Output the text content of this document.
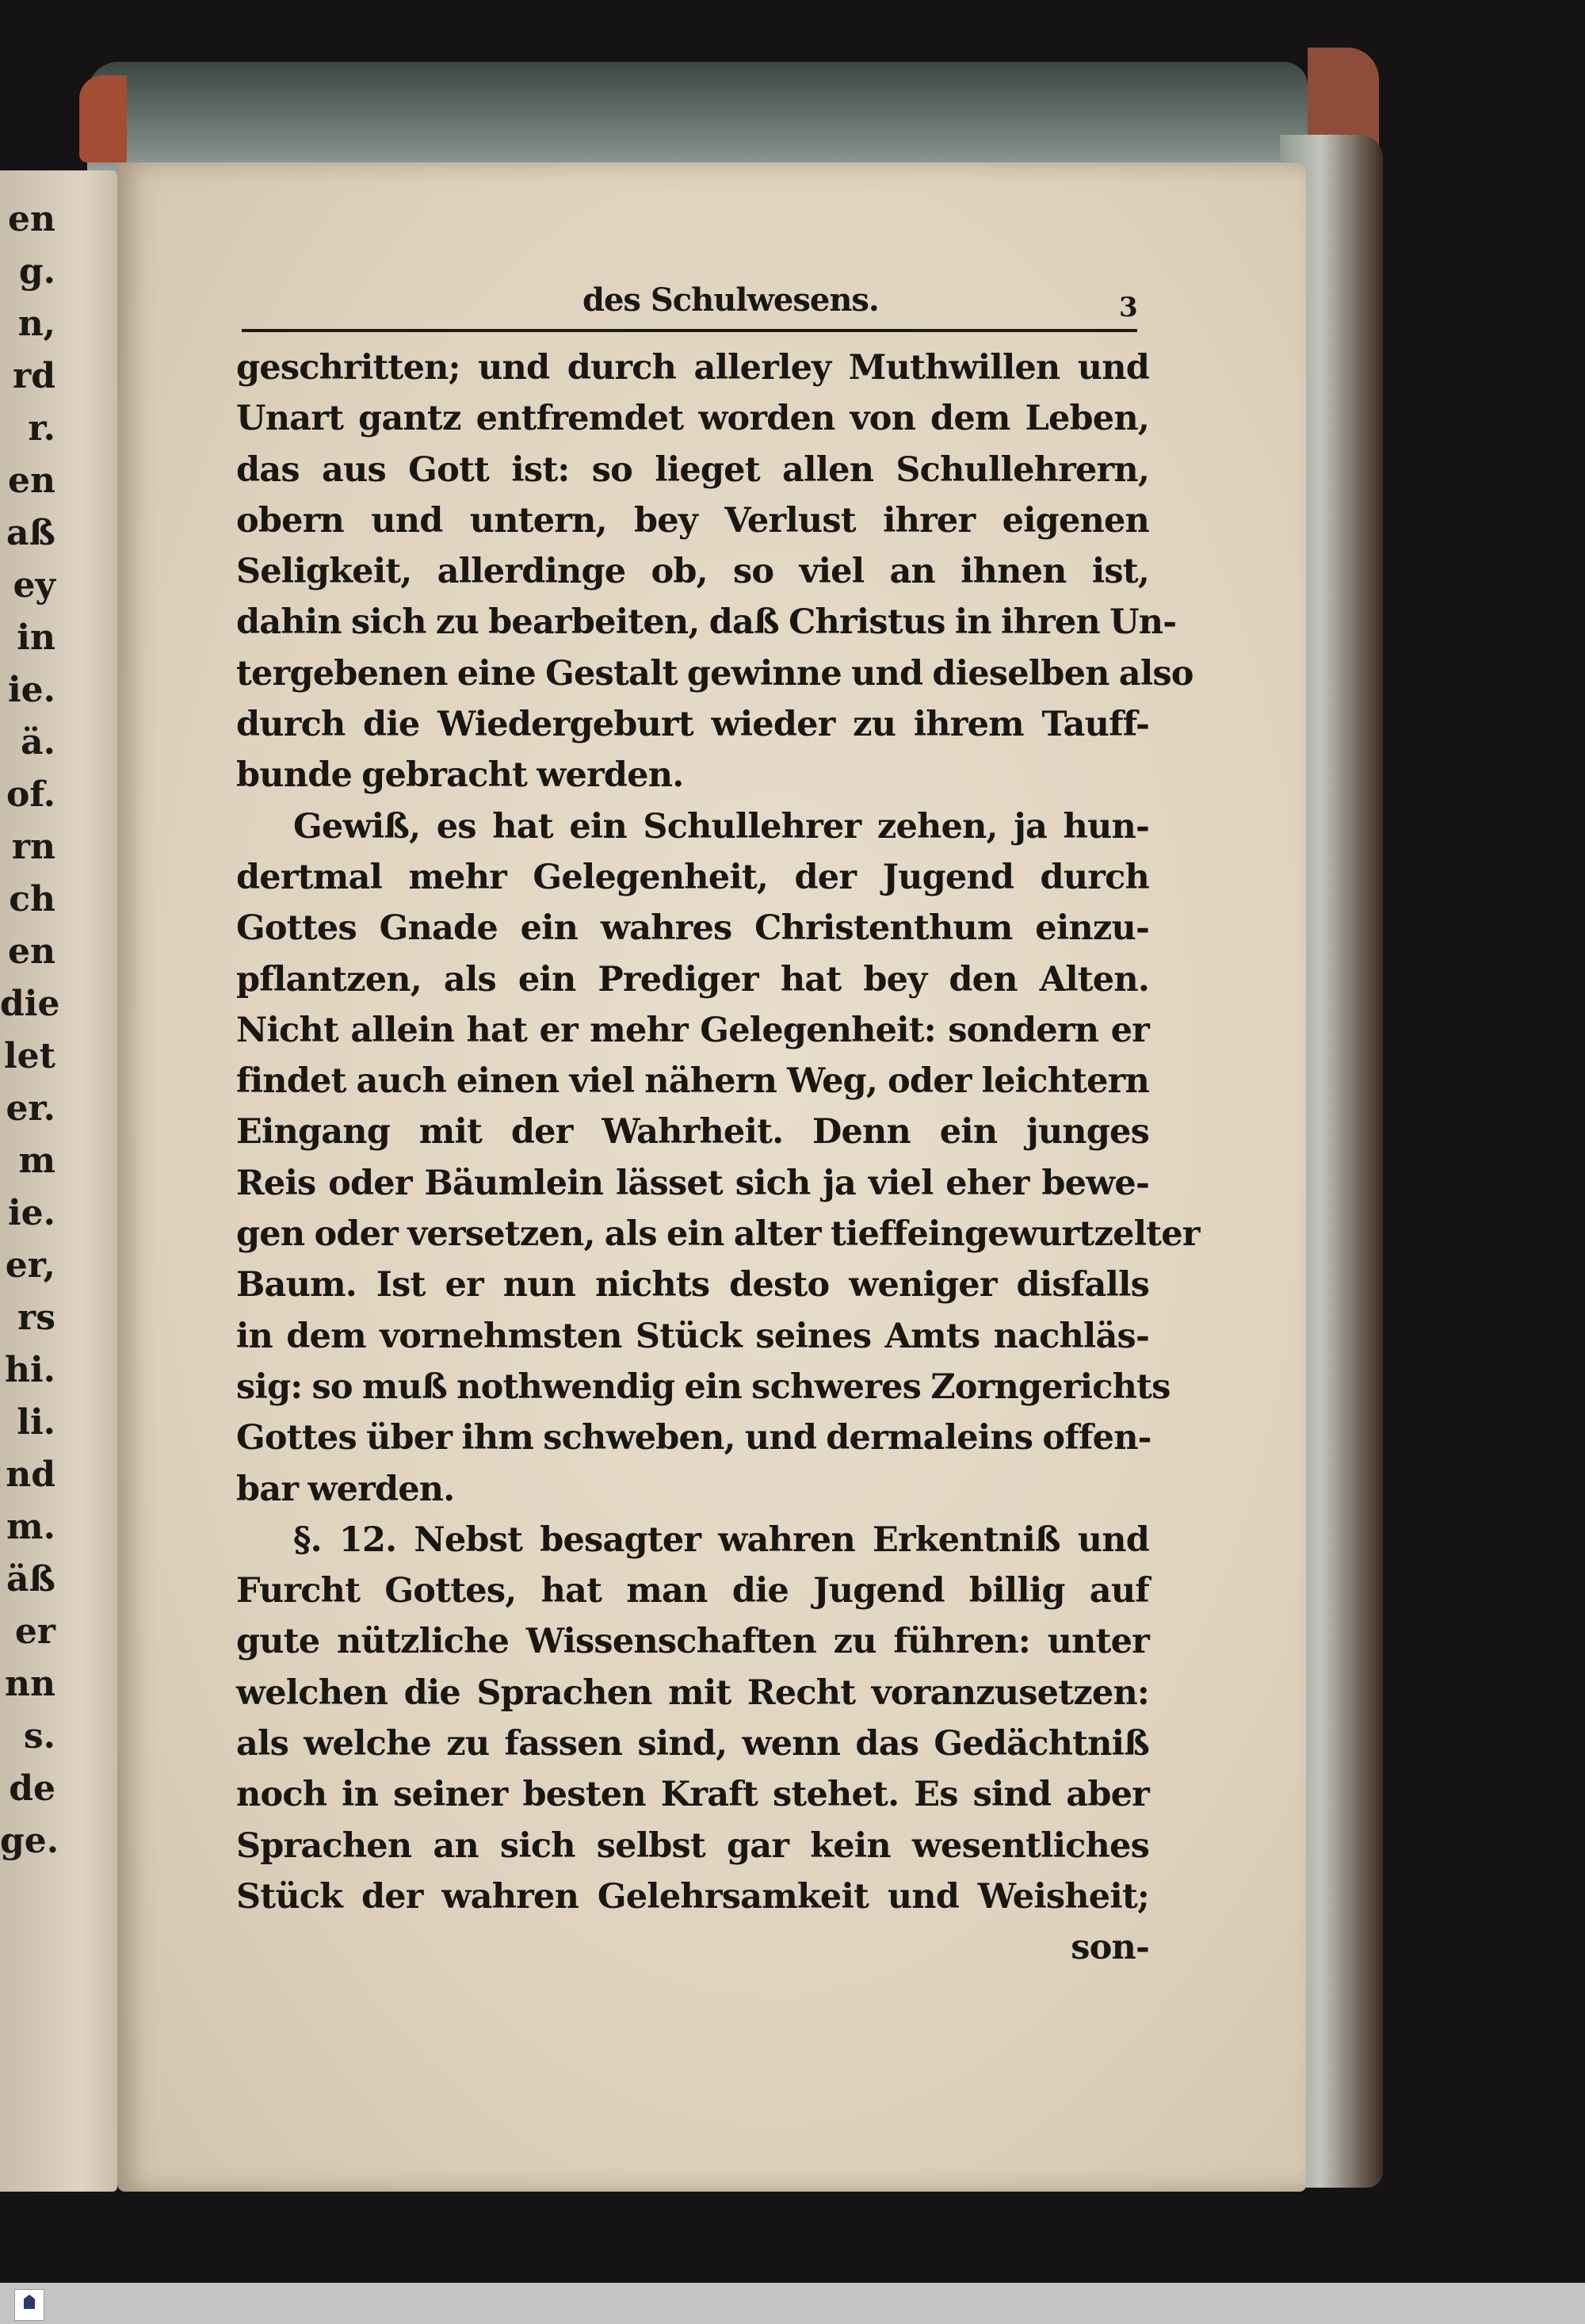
en
g.
n,
rd
r.
en
aß
ey
in
ie.
ä.
of.
rn
ch
en
die
let
er.
m
ie.
er,
rs
hi.
li.
nd
m.
äß
er
nn
s.
de
ge.
des Schulwesens.	3
geschritten; und durch allerley Muthwillen und
Unart gantz entfremdet worden von dem Leben,
das aus Gott ist: so lieget allen Schullehrern,
obern und untern, bey Verlust ihrer eigenen
Seligkeit, allerdinge ob, so viel an ihnen ist,
dahin sich zu bearbeiten, daß Christus in ihren Un-
tergebenen eine Gestalt gewinne und dieselben also
durch die Wiedergeburt wieder zu ihrem Tauff-
bunde gebracht werden.
Gewiß, es hat ein Schullehrer zehen, ja hun-
dertmal mehr Gelegenheit, der Jugend durch
Gottes Gnade ein wahres Christenthum einzu-
pflantzen, als ein Prediger hat bey den Alten.
Nicht allein hat er mehr Gelegenheit: sondern er
findet auch einen viel nähern Weg, oder leichtern
Eingang mit der Wahrheit. Denn ein junges
Reis oder Bäumlein lässet sich ja viel eher bewe-
gen oder versetzen, als ein alter tieffeingewurtzelter
Baum. Ist er nun nichts desto weniger disfalls
in dem vornehmsten Stück seines Amts nachläs-
sig: so muß nothwendig ein schweres Zorngerichts
Gottes über ihm schweben, und dermaleins offen-
bar werden.
§. 12. Nebst besagter wahren Erkentniß und
Furcht Gottes, hat man die Jugend billig auf
gute nützliche Wissenschaften zu führen: unter
welchen die Sprachen mit Recht voranzusetzen:
als welche zu fassen sind, wenn das Gedächtniß
noch in seiner besten Kraft stehet. Es sind aber
Sprachen an sich selbst gar kein wesentliches
Stück der wahren Gelehrsamkeit und Weisheit;
son-
